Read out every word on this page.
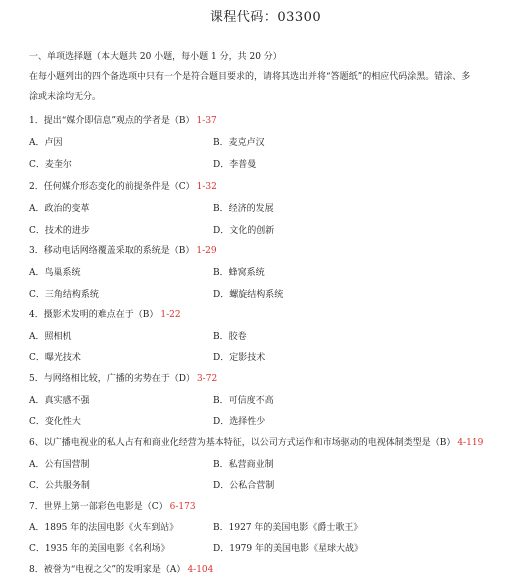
课程代码：03300
一、单项选择题（本大题共 20 小题，每小题 1 分，共 20 分）
在每小题列出的四个备选项中只有一个是符合题目要求的，请将其选出并将“答题纸”的相应代码涂黑。错涂、多
涂或未涂均无分。
1．提出“媒介即信息”观点的学者是（B） 1-37
A．卢因	B．麦克卢汉
C．麦奎尔	D．李普曼
2．任何媒介形态变化的前提条件是（C） 1-32
A．政治的变革	B．经济的发展
C．技术的进步	D．文化的创新
3．移动电话网络覆盖采取的系统是（B） 1-29
A．鸟巢系统	B．蜂窝系统
C．三角结构系统	D．螺旋结构系统
4．摄影术发明的难点在于（B） 1-22
A．照相机	B．胶卷
C．曝光技术	D．定影技术
5．与网络相比较，广播的劣势在于（D） 3-72
A．真实感不强	B．可信度不高
C．变化性大	D．选择性少
6、以广播电视业的私人占有和商业化经营为基本特征，以公司方式运作和市场驱动的电视体制类型是（B） 4-119
A．公有国营制	B．私营商业制
C．公共服务制	D．公私合营制
7．世界上第一部彩色电影是（C） 6-173
A．1895 年的法国电影《火车到站》	B．1927 年的美国电影《爵士歌王》
C．1935 年的美国电影《名利场》	D．1979 年的美国电影《星球大战》
8．被誉为“电视之父”的发明家是（A） 4-104
